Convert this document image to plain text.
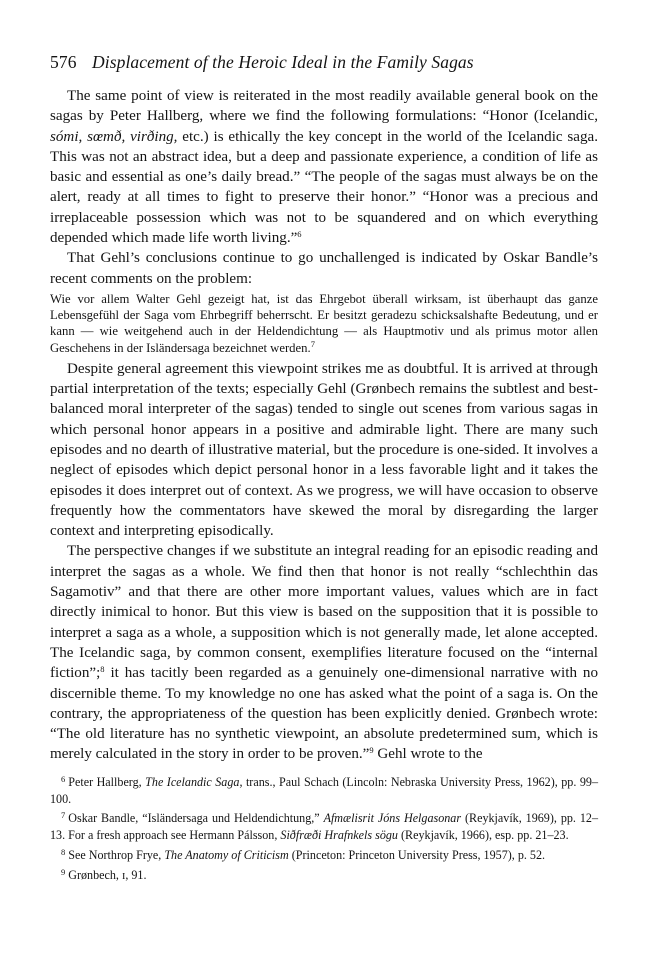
576 Displacement of the Heroic Ideal in the Family Sagas

The same point of view is reiterated in the most readily available general book on the sagas by Peter Hallberg, where we find the following formulations: “Honor (Icelandic, sómi, sœmð, virðing, etc.) is ethically the key concept in the world of the Icelandic saga. This was not an abstract idea, but a deep and passionate experience, a condition of life as basic and essential as one’s daily bread.” “The people of the sagas must always be on the alert, ready at all times to fight to preserve their honor.” “Honor was a precious and irreplaceable possession which was not to be squandered and on which everything depended which made life worth living.”$^6$

That Gehl’s conclusions continue to go unchallenged is indicated by Oskar Bandle’s recent comments on the problem:

Wie vor allem Walter Gehl gezeigt hat, ist das Ehrgebot überall wirksam, ist überhaupt das ganze Lebensgefühl der Saga vom Ehrbegriff beherrscht. Er besitzt geradezu schicksalshafte Bedeutung, und er kann — wie weitgehend auch in der Heldendichtung — als Hauptmotiv und als primus motor allen Geschehens in der Isländersaga bezeichnet werden.$^7$

Despite general agreement this viewpoint strikes me as doubtful. It is arrived at through partial interpretation of the texts; especially Gehl (Grønbech remains the subtlest and best-balanced moral interpreter of the sagas) tended to single out scenes from various sagas in which personal honor appears in a positive and admirable light. There are many such episodes and no dearth of illustrative material, but the procedure is one-sided. It involves a neglect of episodes which depict personal honor in a less favorable light and it takes the episodes it does interpret out of context. As we progress, we will have occasion to observe frequently how the commentators have skewed the moral by disregarding the larger context and interpreting episodically.

The perspective changes if we substitute an integral reading for an episodic reading and interpret the sagas as a whole. We find then that honor is not really “schlechthin das Sagamotiv” and that there are other more important values, values which are in fact directly inimical to honor. But this view is based on the supposition that it is possible to interpret a saga as a whole, a supposition which is not generally made, let alone accepted. The Icelandic saga, by common consent, exemplifies literature focused on the “internal fiction”;$^8$ it has tacitly been regarded as a genuinely one-dimensional narrative with no discernible theme. To my knowledge no one has asked what the point of a saga is. On the contrary, the appropriateness of the question has been explicitly denied. Grønbech wrote: “The old literature has no synthetic viewpoint, an absolute predetermined sum, which is merely calculated in the story in order to be proven.”$^9$ Gehl wrote to the

$^6$ Peter Hallberg, The Icelandic Saga, trans., Paul Schach (Lincoln: Nebraska University Press, 1962), pp. 99–100.

$^7$ Oskar Bandle, “Isländersaga und Heldendichtung,” Afmælisrit Jóns Helgasonar (Reykjavík, 1969), pp. 12–13. For a fresh approach see Hermann Pálsson, Siðfræði Hrafnkels sögu (Reykjavík, 1966), esp. pp. 21–23.

$^8$ See Northrop Frye, The Anatomy of Criticism (Princeton: Princeton University Press, 1957), p. 52.

$^9$ Grønbech, ɪ, 91.
